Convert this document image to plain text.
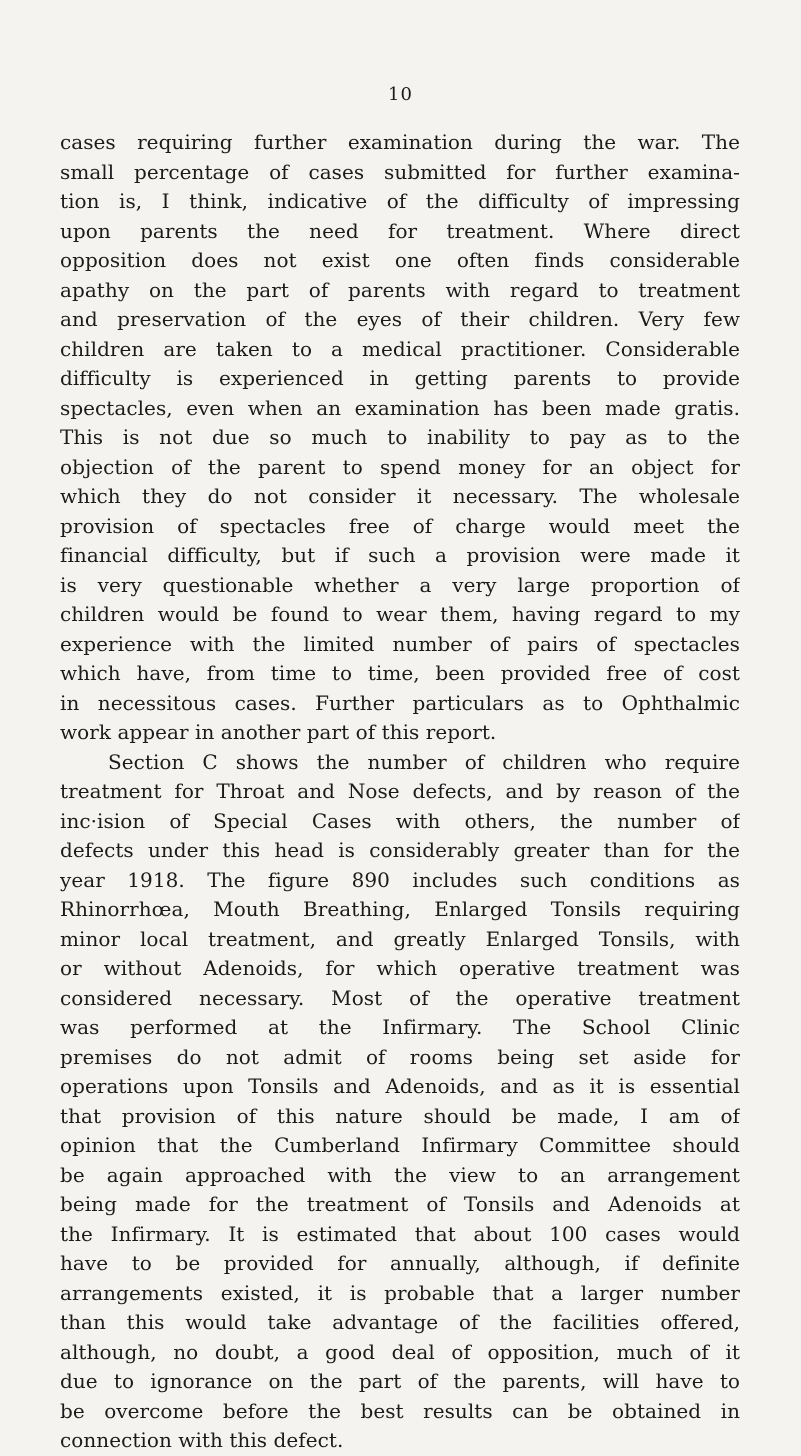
10
cases requiring further examination during the war. The
small percentage of cases submitted for further examina-
tion is, I think, indicative of the difficulty of impressing
upon parents the need for treatment. Where direct
opposition does not exist one often finds considerable
apathy on the part of parents with regard to treatment
and preservation of the eyes of their children. Very few
children are taken to a medical practitioner. Considerable
difficulty is experienced in getting parents to provide
spectacles, even when an examination has been made gratis.
This is not due so much to inability to pay as to the
objection of the parent to spend money for an object for
which they do not consider it necessary. The wholesale
provision of spectacles free of charge would meet the
financial difficulty, but if such a provision were made it
is very questionable whether a very large proportion of
children would be found to wear them, having regard to my
experience with the limited number of pairs of spectacles
which have, from time to time, been provided free of cost
in necessitous cases. Further particulars as to Ophthalmic
work appear in another part of this report.
Section C shows the number of children who require
treatment for Throat and Nose defects, and by reason of the
inc·ision of Special Cases with others, the number of
defects under this head is considerably greater than for the
year 1918. The figure 890 includes such conditions as
Rhinorrhœa, Mouth Breathing, Enlarged Tonsils requiring
minor local treatment, and greatly Enlarged Tonsils, with
or without Adenoids, for which operative treatment was
considered necessary. Most of the operative treatment
was performed at the Infirmary. The School Clinic
premises do not admit of rooms being set aside for
operations upon Tonsils and Adenoids, and as it is essential
that provision of this nature should be made, I am of
opinion that the Cumberland Infirmary Committee should
be again approached with the view to an arrangement
being made for the treatment of Tonsils and Adenoids at
the Infirmary. It is estimated that about 100 cases would
have to be provided for annually, although, if definite
arrangements existed, it is probable that a larger number
than this would take advantage of the facilities offered,
although, no doubt, a good deal of opposition, much of it
due to ignorance on the part of the parents, will have to
be overcome before the best results can be obtained in
connection with this defect.
